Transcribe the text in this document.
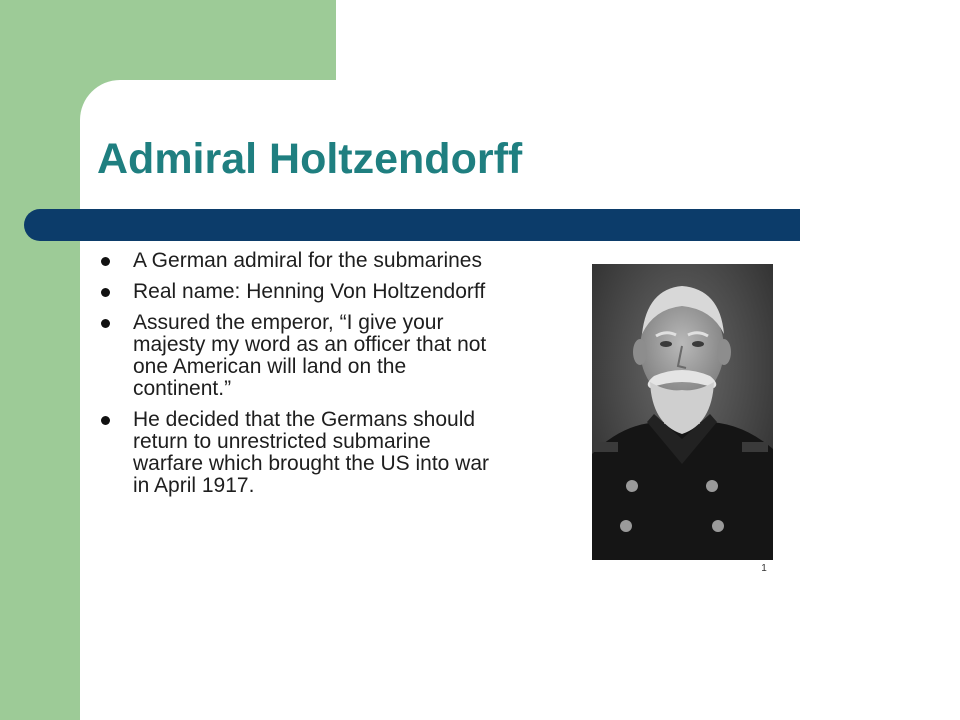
Admiral Holtzendorff
A German admiral for the submarines
Real name: Henning Von Holtzendorff
Assured the emperor, “I give your majesty my word as an officer that not one American will land on the continent.”
He decided that the Germans should return to unrestricted submarine warfare which brought the US into war in April 1917.
1
